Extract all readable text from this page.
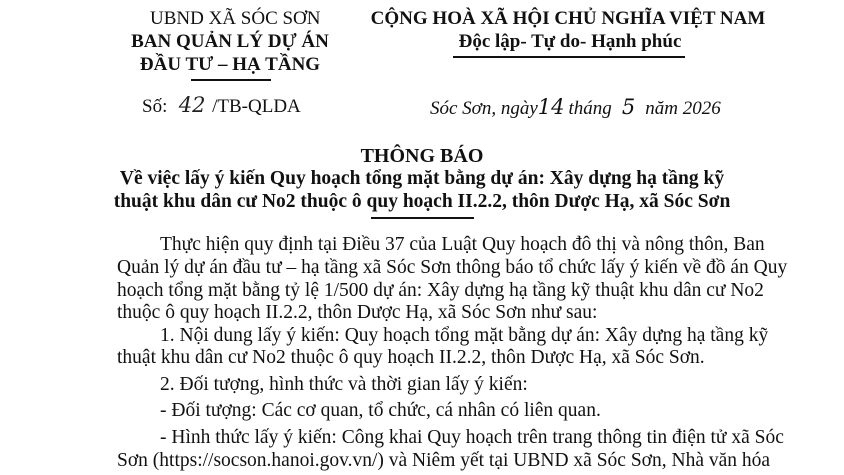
UBND XÃ SÓC SƠN
BAN QUẢN LÝ DỰ ÁN
ĐẦU TƯ – HẠ TẦNG
CỘNG HOÀ XÃ HỘI CHỦ NGHĨA VIỆT NAM
Độc lập- Tự do- Hạnh phúc
Số: 42 /TB-QLDA	Sóc Sơn, ngày14 tháng 5 năm 2026
THÔNG BÁO
Về việc lấy ý kiến Quy hoạch tổng mặt bằng dự án: Xây dựng hạ tầng kỹ
thuật khu dân cư No2 thuộc ô quy hoạch II.2.2, thôn Dược Hạ, xã Sóc Sơn
Thực hiện quy định tại Điều 37 của Luật Quy hoạch đô thị và nông thôn, Ban
Quản lý dự án đầu tư – hạ tầng xã Sóc Sơn thông báo tổ chức lấy ý kiến về đồ án Quy
hoạch tổng mặt bằng tỷ lệ 1/500 dự án: Xây dựng hạ tầng kỹ thuật khu dân cư No2
thuộc ô quy hoạch II.2.2, thôn Dược Hạ, xã Sóc Sơn như sau:
1. Nội dung lấy ý kiến: Quy hoạch tổng mặt bằng dự án: Xây dựng hạ tầng kỹ
thuật khu dân cư No2 thuộc ô quy hoạch II.2.2, thôn Dược Hạ, xã Sóc Sơn.
2. Đối tượng, hình thức và thời gian lấy ý kiến:
- Đối tượng: Các cơ quan, tổ chức, cá nhân có liên quan.
- Hình thức lấy ý kiến: Công khai Quy hoạch trên trang thông tin điện tử xã Sóc
Sơn (https://socson.hanoi.gov.vn/) và Niêm yết tại UBND xã Sóc Sơn, Nhà văn hóa
